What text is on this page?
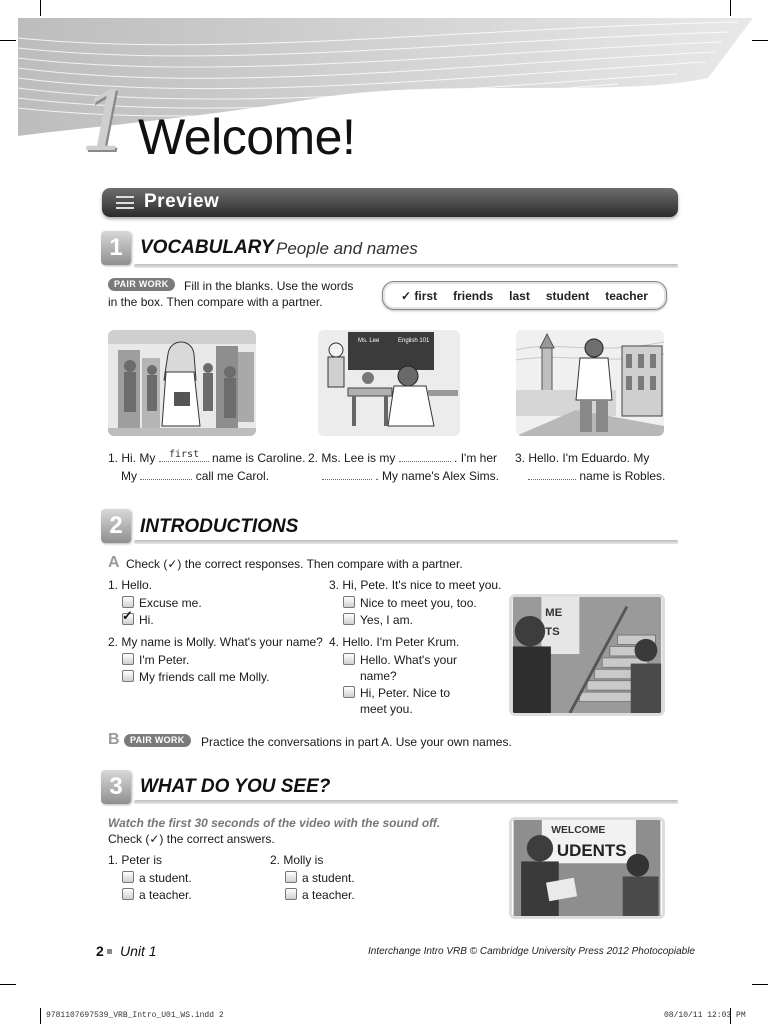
1 Welcome!
Preview
1 VOCABULARY People and names
PAIR WORK	Fill in the blanks. Use the words
in the box. Then compare with a partner.	✓ first friends last student teacher
Ms. Lee	English 101
1. Hi. My	name is Caroline.
first
My	call me Carol.
2. Ms. Lee is my	. I'm her
. My name's Alex Sims.
3. Hello. I'm Eduardo. My
name is Robles.
2 INTRODUCTIONS
A Check (✓) the correct responses. Then compare with a partner.
1. Hello.
Excuse me.
✓ Hi.
2. My name is Molly. What's your name?
I'm Peter.
My friends call me Molly.
3. Hi, Pete. It's nice to meet you.
Nice to meet you, too.
Yes, I am.
4. Hello. I'm Peter Krum.
Hello. What's your
name?
Hi, Peter. Nice to
meet you.
ME
TS
B	PAIR WORK	Practice the conversations in part A. Use your own names.
3 WHAT DO YOU SEE?
Watch the first 30 seconds of the video with the sound off.
Check (✓) the correct answers.
1. Peter is
a student.
a teacher.
2. Molly is
a student.
a teacher.
WELCOME
UDENTS
2 Unit 1	Interchange Intro VRB © Cambridge University Press 2012 Photocopiable
9781107697539_VRB_Intro_U01_WS.indd 2	08/10/11 12:03 PM
